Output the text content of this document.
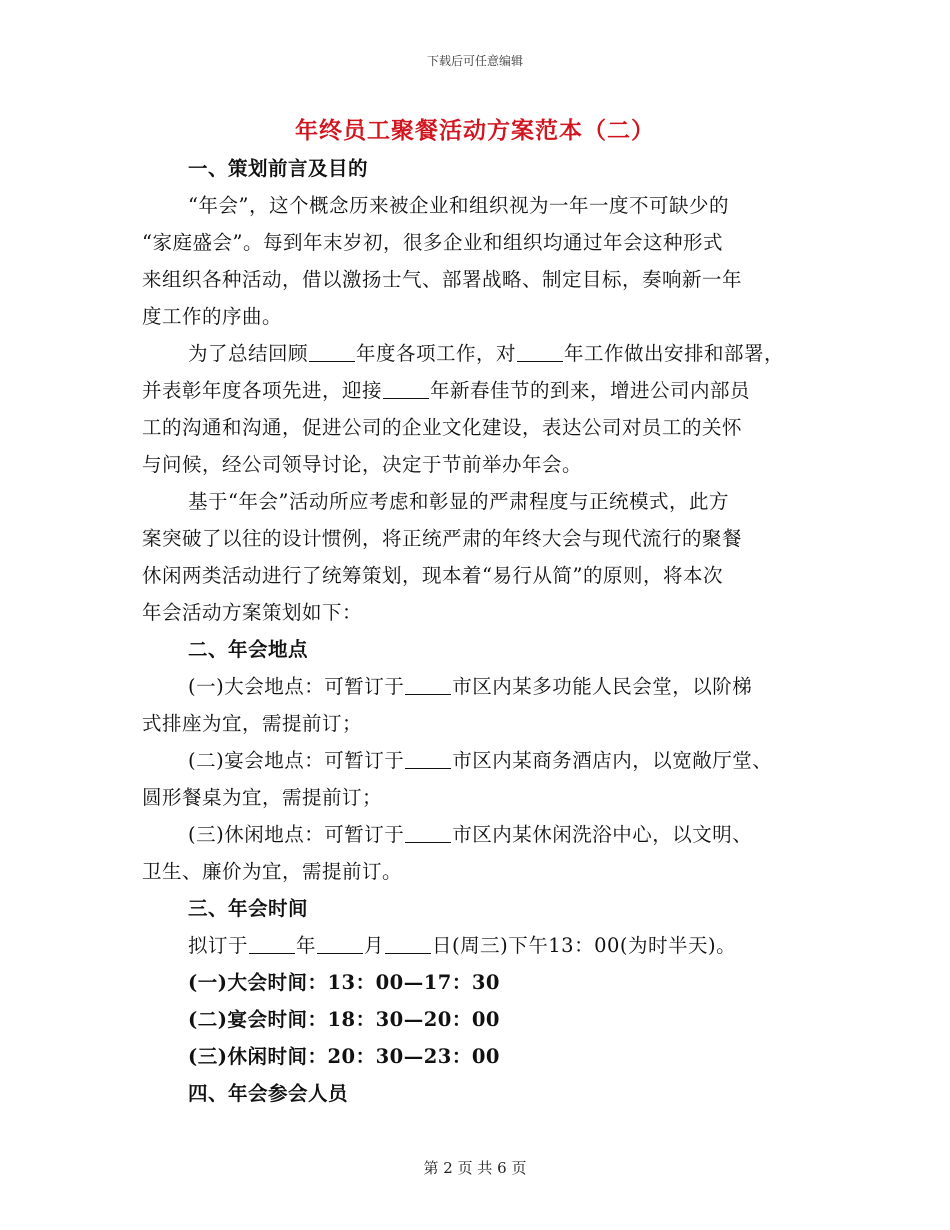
下载后可任意编辑
年终员工聚餐活动方案范本（二）
一、策划前言及目的
“年会”，这个概念历来被企业和组织视为一年一度不可缺少的
“家庭盛会”。每到年末岁初，很多企业和组织均通过年会这种形式
来组织各种活动，借以激扬士气、部署战略、制定目标，奏响新一年
度工作的序曲。
为了总结回顾 年度各项工作，对 年工作做出安排和部署，
并表彰年度各项先进，迎接 年新春佳节的到来，增进公司内部员
工的沟通和沟通，促进公司的企业文化建设，表达公司对员工的关怀
与问候，经公司领导讨论，决定于节前举办年会。
基于“年会”活动所应考虑和彰显的严肃程度与正统模式，此方
案突破了以往的设计惯例，将正统严肃的年终大会与现代流行的聚餐
休闲两类活动进行了统筹策划，现本着“易行从简”的原则，将本次
年会活动方案策划如下：
二、年会地点
(一)大会地点：可暂订于 市区内某多功能人民会堂，以阶梯
式排座为宜，需提前订；
(二)宴会地点：可暂订于 市区内某商务酒店内，以宽敞厅堂、
圆形餐桌为宜，需提前订；
(三)休闲地点：可暂订于 市区内某休闲洗浴中心，以文明、
卫生、廉价为宜，需提前订。
三、年会时间
拟订于 年 月 日(周三)下午13：00(为时半天)。
(一)大会时间：13：00—17：30
(二)宴会时间：18：30—20：00
(三)休闲时间：20：30—23：00
四、年会参会人员
第 2 页 共 6 页
